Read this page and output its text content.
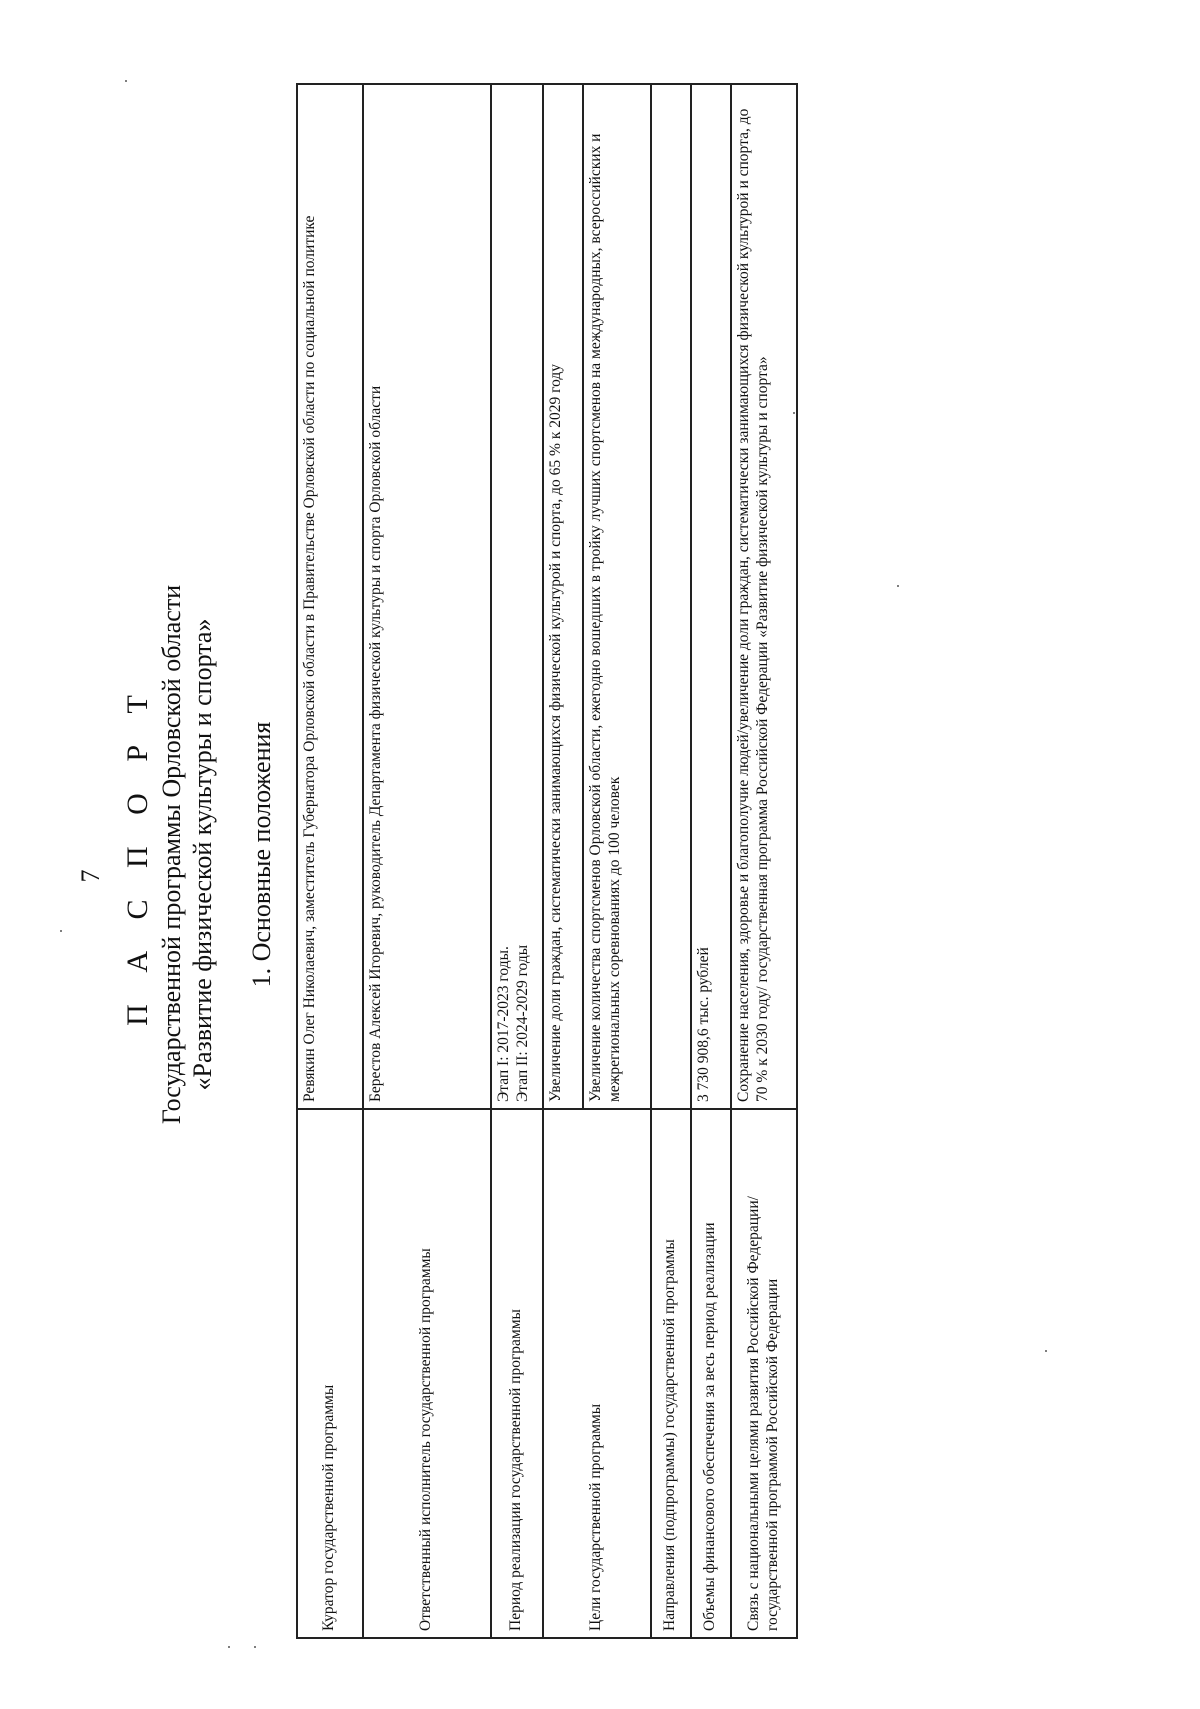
7 П А С П О Р Т Государственной программы Орловской области «Развитие физической культуры и спорта» 1. Основные положения
Куратор государственной программы	Ревякин Олег Николаевич, заместитель Губернатора Орловской области в Правительстве Орловской области по социальной политике
Ответственный исполнитель государственной программы	Берестов Алексей Игоревич, руководитель Департамента физической культуры и спорта Орловской области
Период реализации государственной программы	Этап I: 2017-2023 годы. Этап II: 2024-2029 годы

Цели государственной программы	Увеличение доли граждан, систематически занимающихся физической культурой и спорта, до 65 % к 2029 году
	Увеличение количества спортсменов Орловской области, ежегодно вошедших в тройку лучших спортсменов на международных, всероссийских и межрегиональных соревнованиях до 100 человек
Направления (подпрограммы) государственной программы	
Объемы финансового обеспечения за весь период реализации	3 730 908,6 тыс. рублей
Связь с национальными целями развития Российской Федерации/ государственной программой Российской Федерации	Сохранение населения, здоровье и благополучие людей/увеличение доли граждан, систематически занимающихся физической культурой и спорта, до 70 % к 2030 году/ государственная программа Российской Федерации «Развитие физической культуры и спорта»
